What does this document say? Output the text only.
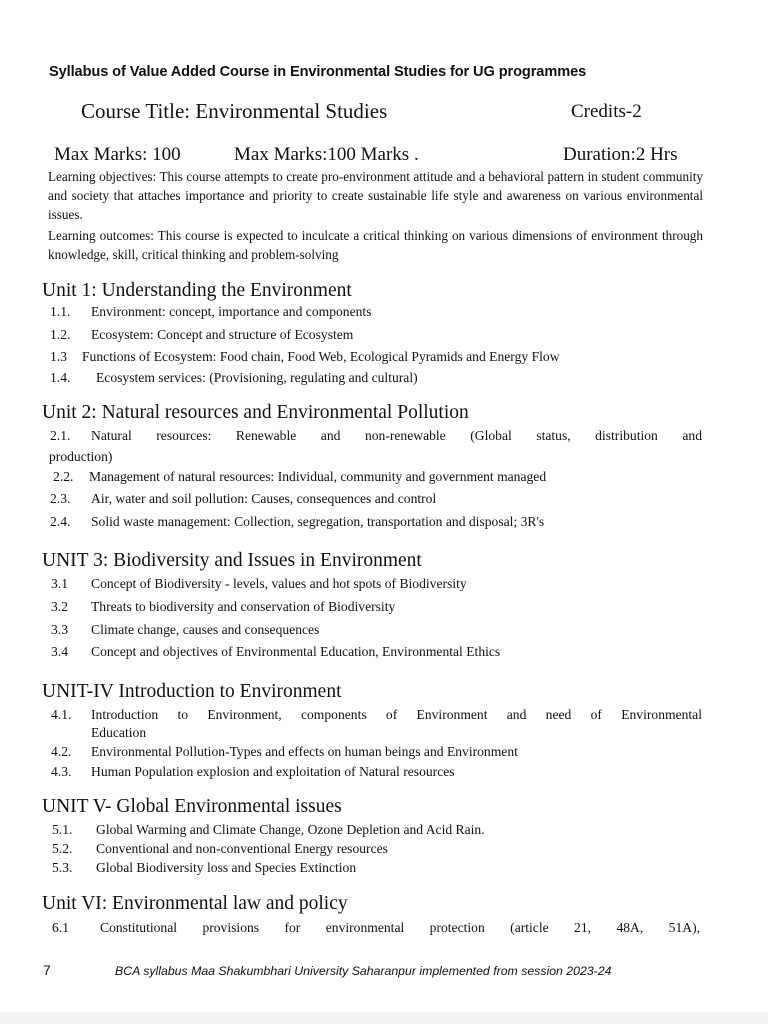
Syllabus of Value Added Course in Environmental Studies for UG programmes
Course Title: Environmental Studies	Credits-2
Max Marks: 100	Max Marks:100 Marks .	Duration:2 Hrs
Learning objectives: This course attempts to create pro-environment attitude and a behavioral pattern in student community and society that attaches importance and priority to create sustainable life style and awareness on various environmental issues.
Learning outcomes: This course is expected to inculcate a critical thinking on various dimensions of environment through knowledge, skill, critical thinking and problem-solving
Unit 1: Understanding the Environment
1.1. Environment: concept, importance and components
1.2. Ecosystem: Concept and structure of Ecosystem
1.3 Functions of Ecosystem: Food chain, Food Web, Ecological Pyramids and Energy Flow
1.4. Ecosystem services: (Provisioning, regulating and cultural)
Unit 2: Natural resources and Environmental Pollution
2.1. Natural resources: Renewable and non-renewable (Global status, distribution and
production)
2.2. Management of natural resources: Individual, community and government managed
2.3. Air, water and soil pollution: Causes, consequences and control
2.4. Solid waste management: Collection, segregation, transportation and disposal; 3R's
UNIT 3: Biodiversity and Issues in Environment
3.1 Concept of Biodiversity - levels, values and hot spots of Biodiversity
3.2 Threats to biodiversity and conservation of Biodiversity
3.3 Climate change, causes and consequences
3.4 Concept and objectives of Environmental Education, Environmental Ethics
UNIT-IV Introduction to Environment
4.1. Introduction to Environment, components of Environment and need of Environmental
Education
4.2. Environmental Pollution-Types and effects on human beings and Environment
4.3. Human Population explosion and exploitation of Natural resources
UNIT V- Global Environmental issues
5.1. Global Warming and Climate Change, Ozone Depletion and Acid Rain.
5.2. Conventional and non-conventional Energy resources
5.3. Global Biodiversity loss and Species Extinction
Unit VI: Environmental law and policy
6.1 Constitutional provisions for environmental protection (article 21, 48A, 51A),
7	BCA syllabus Maa Shakumbhari University Saharanpur implemented from session 2023-24
